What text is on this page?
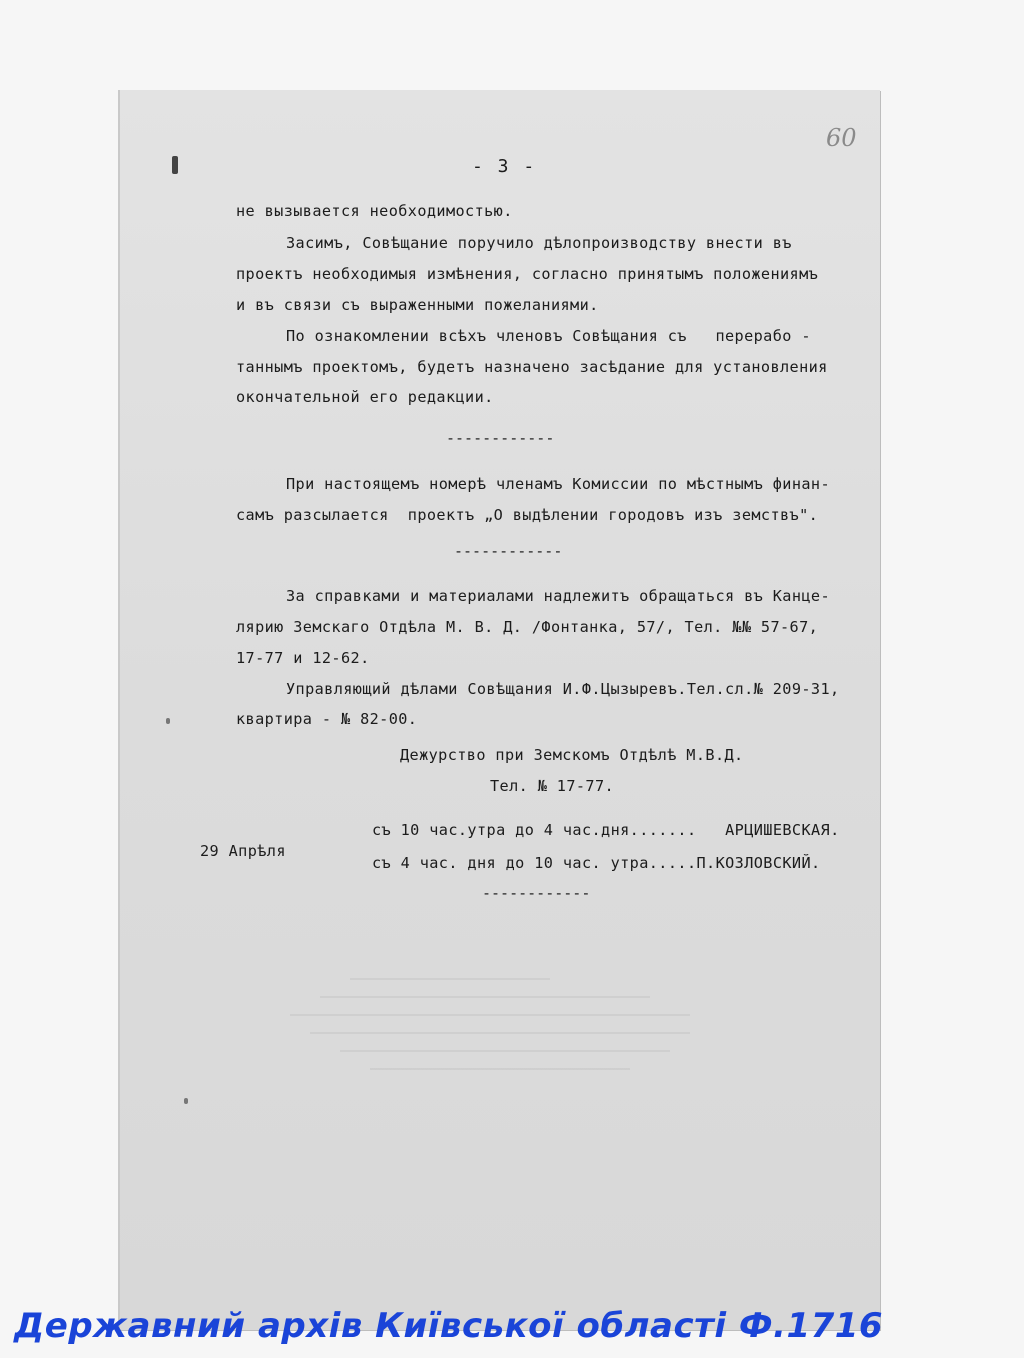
60
- 3 -
не вызывается необходимостью.
Засимъ, Совѣщание поручило дѣлопроизводству внести въ
проектъ необходимыя измѣнения, согласно принятымъ положениямъ
и въ связи съ выраженными пожеланиями.
По ознакомлении всѣхъ членовъ Совѣщания съ   перерабо -
таннымъ проектомъ, будетъ назначено засѣдание для установления
окончательной его редакции.
------------
При настоящемъ номерѣ членамъ Комиссии по мѣстнымъ финан-
самъ разсылается  проектъ „О выдѣлении городовъ изъ земствъ".
------------
За справками и материалами надлежитъ обращаться въ Канце-
лярию Земскаго Отдѣла М. В. Д. /Фонтанка, 57/, Тел. №№ 57-67,
17-77 и 12-62.
Управляющий дѣлами Совѣщания И.Ф.Цызыревъ.Тел.сл.№ 209-31,
квартира - № 82-00.
Дежурство при Земскомъ Отдѣлѣ М.В.Д.
Тел. № 17-77.
29 Апрѣля
съ 10 час.утра до 4 час.дня.......   АРЦИШЕВСКАЯ.
съ 4 час. дня до 10 час. утра.....П.КОЗЛОВСКИЙ.
------------
Державний архів Київської області Ф.1716
